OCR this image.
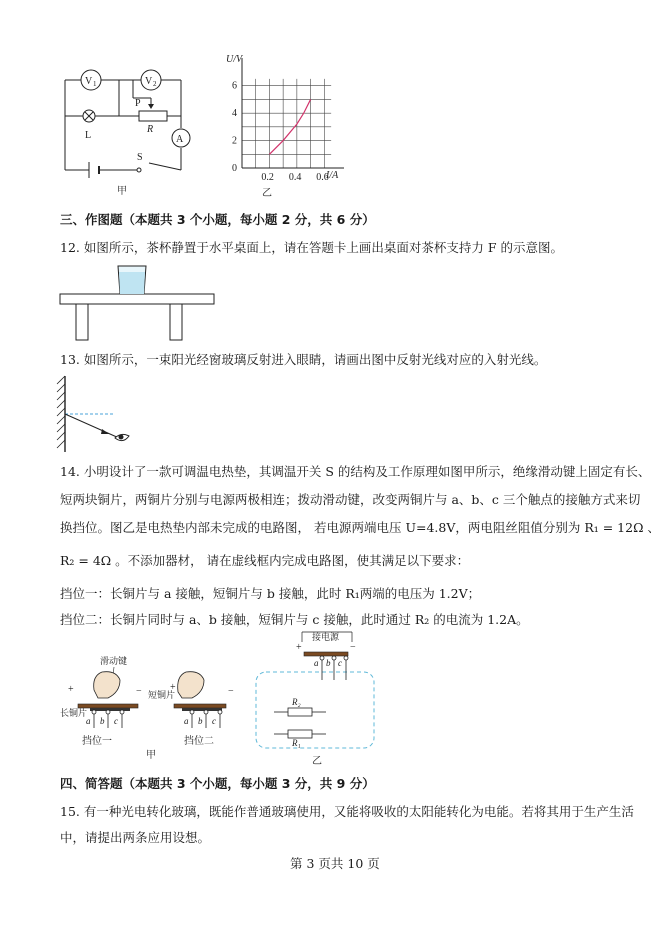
V 1	V 2
A
L
P
R
S
甲
0
2
4
6
0.2 0.4 0.6
U/V
I/A
乙
三、作图题（本题共 3 个小题，每小题 2 分，共 6 分）
12. 如图所示，茶杯静置于水平桌面上，请在答题卡上画出桌面对茶杯支持力 F 的示意图。
13. 如图所示，一束阳光经窗玻璃反射进入眼睛，请画出图中反射光线对应的入射光线。
14. 小明设计了一款可调温电热垫，其调温开关 S 的结构及工作原理如图甲所示，绝缘滑动键上固定有长、
短两块铜片，两铜片分别与电源两极相连；拨动滑动键，改变两铜片与 a、b、c 三个触点的接触方式来切
换挡位。图乙是电热垫内部未完成的电路图， 若电源两端电压 U=4.8V，两电阻丝阻值分别为 R₁ = 12Ω 、
R₂ = 4Ω 。不添加器材， 请在虚线框内完成电路图，使其满足以下要求：
挡位一：长铜片与 a 接触，短铜片与 b 接触，此时 R₁两端的电压为 1.2V；
挡位二：长铜片同时与 a、b 接触，短铜片与 c 接触，此时通过 R₂ 的电流为 1.2A。
滑动键
+	−
长铜片
短铜片
a b c
挡位一
+	−
a b c
挡位二
甲
接电源
+	−
a b c
R₂
R₁
乙
四、简答题（本题共 3 个小题，每小题 3 分，共 9 分）
15. 有一种光电转化玻璃，既能作普通玻璃使用，又能将吸收的太阳能转化为电能。若将其用于生产生活
中，请提出两条应用设想。
第 3 页共 10 页
